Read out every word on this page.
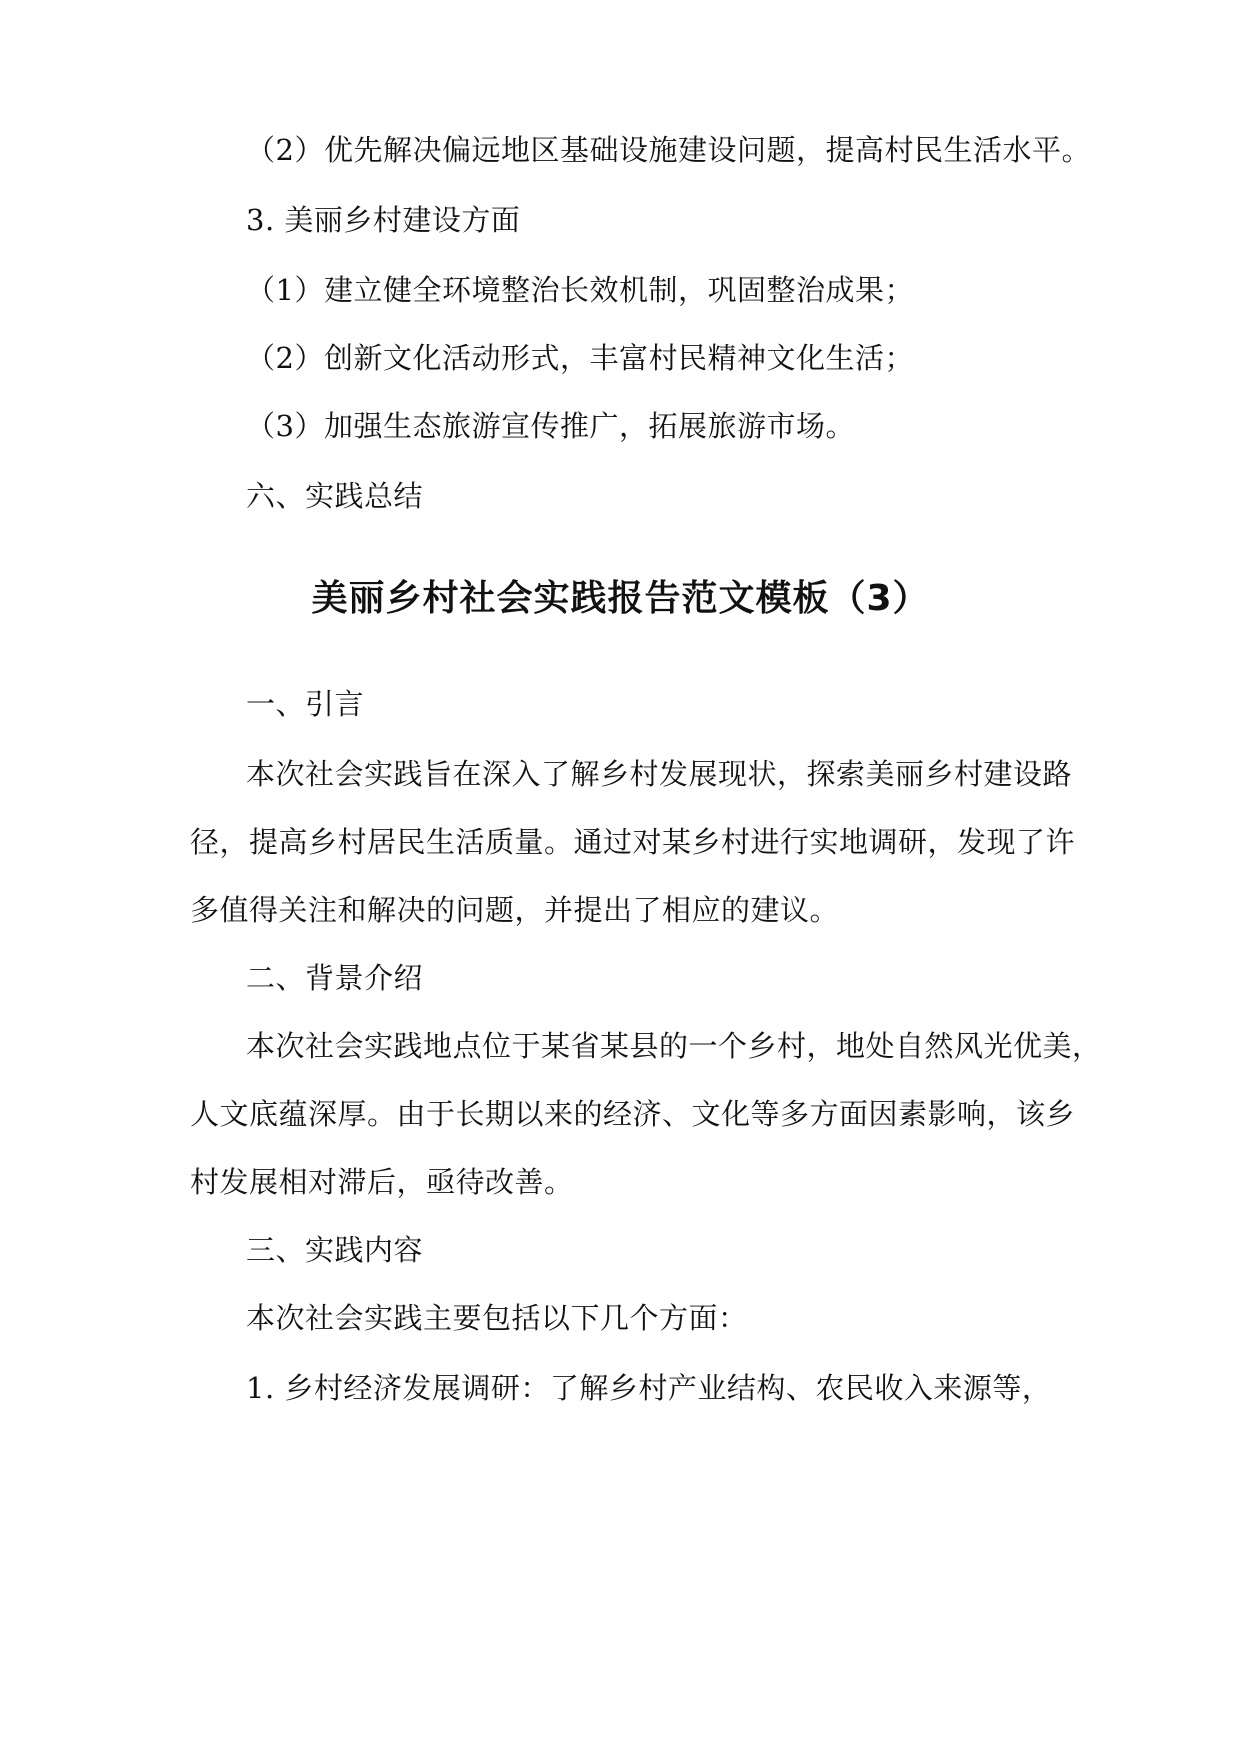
（2）优先解决偏远地区基础设施建设问题，提高村民生活水平。
3. 美丽乡村建设方面
（1）建立健全环境整治长效机制，巩固整治成果；
（2）创新文化活动形式，丰富村民精神文化生活；
（3）加强生态旅游宣传推广，拓展旅游市场。
六、实践总结
美丽乡村社会实践报告范文模板（3）
一、引言
本次社会实践旨在深入了解乡村发展现状，探索美丽乡村建设路
径，提高乡村居民生活质量。通过对某乡村进行实地调研，发现了许
多值得关注和解决的问题，并提出了相应的建议。
二、背景介绍
本次社会实践地点位于某省某县的一个乡村，地处自然风光优美，
人文底蕴深厚。由于长期以来的经济、文化等多方面因素影响，该乡
村发展相对滞后，亟待改善。
三、实践内容
本次社会实践主要包括以下几个方面：
1. 乡村经济发展调研：了解乡村产业结构、农民收入来源等，
